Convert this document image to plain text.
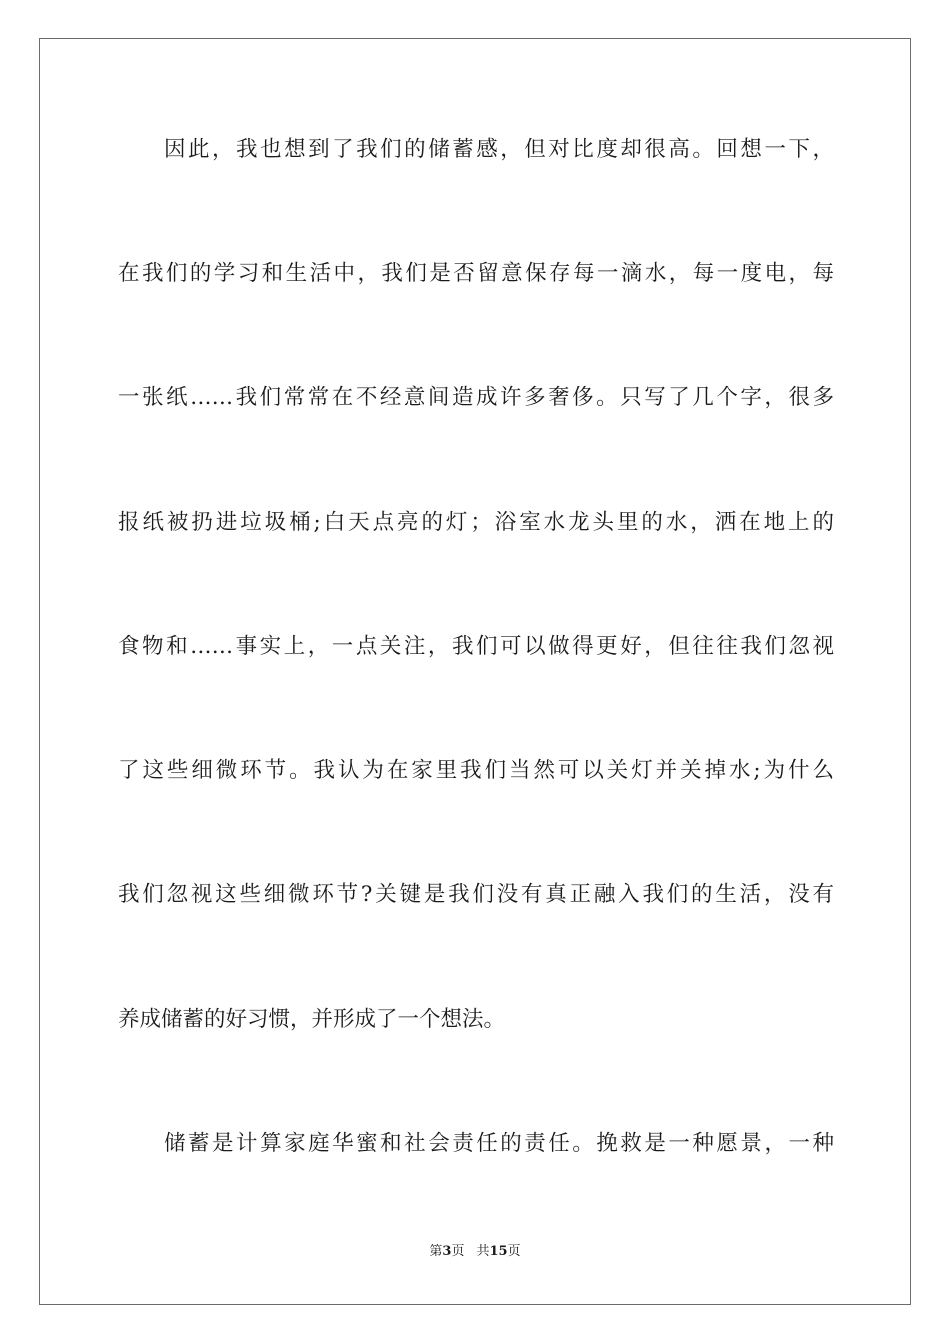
因此，我也想到了我们的储蓄感，但对比度却很高。回想一下，
在我们的学习和生活中，我们是否留意保存每一滴水，每一度电，每
一张纸……我们常常在不经意间造成许多奢侈。只写了几个字，很多
报纸被扔进垃圾桶;白天点亮的灯；浴室水龙头里的水，洒在地上的
食物和……事实上，一点关注，我们可以做得更好，但往往我们忽视
了这些细微环节。我认为在家里我们当然可以关灯并关掉水;为什么
我们忽视这些细微环节?关键是我们没有真正融入我们的生活，没有
养成储蓄的好习惯，并形成了一个想法。
储蓄是计算家庭华蜜和社会责任的责任。挽救是一种愿景，一种
第3页 共15页
